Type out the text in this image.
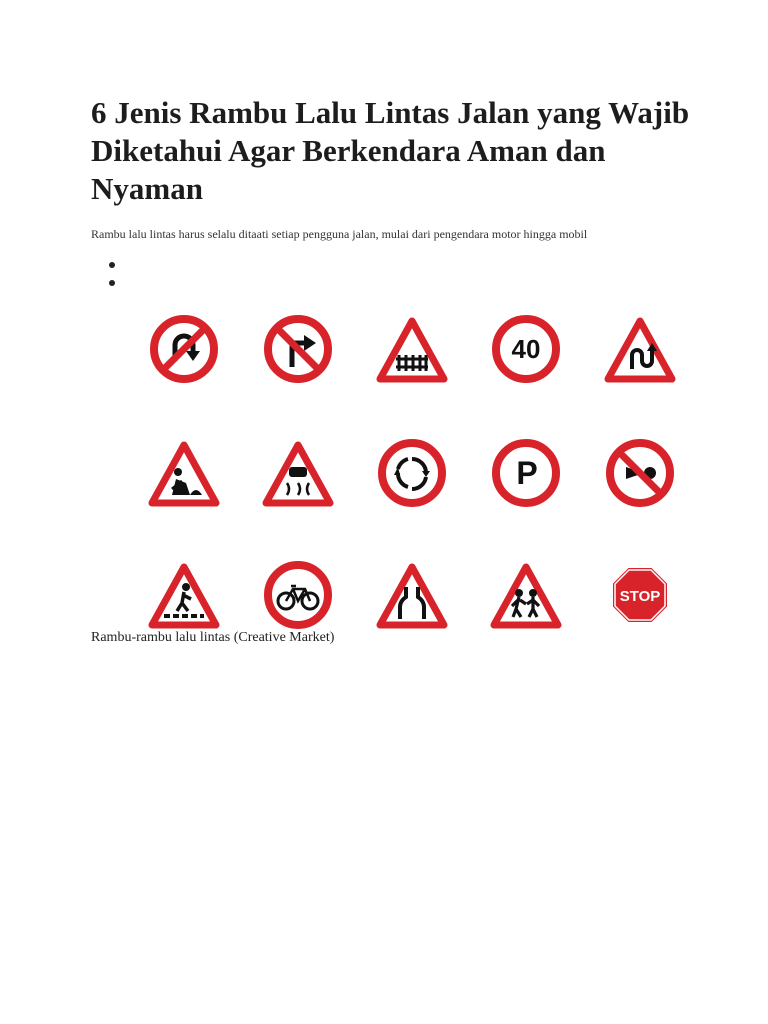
6 Jenis Rambu Lalu Lintas Jalan yang Wajib Diketahui Agar Berkendara Aman dan Nyaman
Rambu lalu lintas harus selalu ditaati setiap pengguna jalan, mulai dari pengendara motor hingga mobil
40
P
STOP
Rambu-rambu lalu lintas (Creative Market)
